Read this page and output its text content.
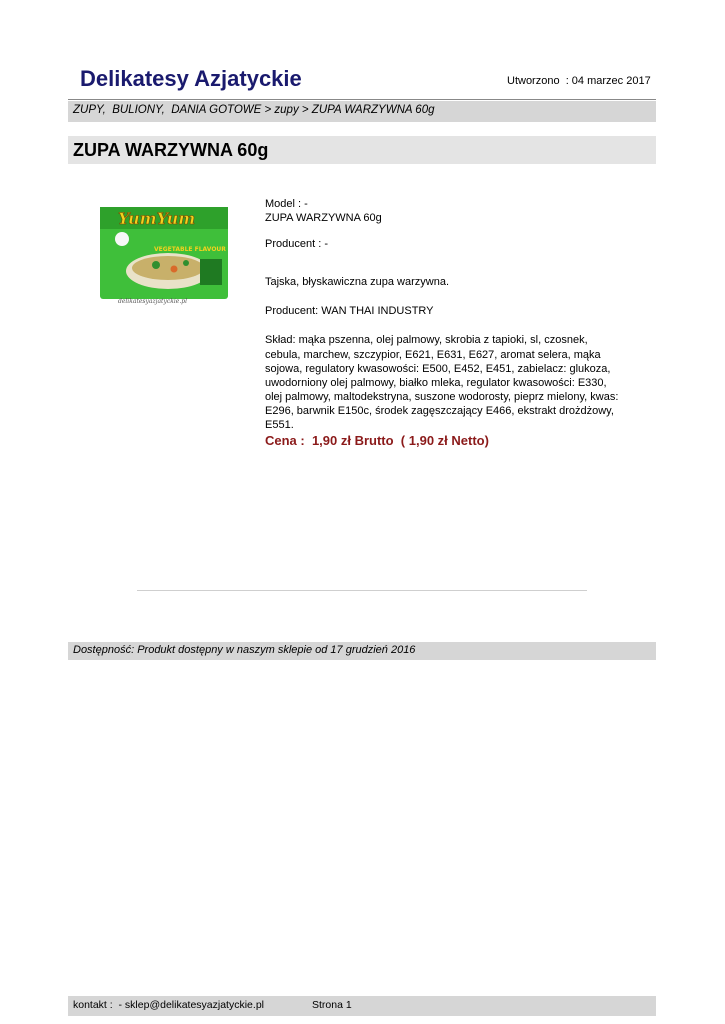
Delikatesy Azjatyckie	Utworzono  : 04 marzec 2017
ZUPY,  BULIONY,  DANIA GOTOWE > zupy > ZUPA WARZYWNA 60g
ZUPA WARZYWNA 60g
YumYum
VEGETABLE FLAVOUR
delikatesyazjatyckie.pl

Model : -

ZUPA WARZYWNA 60g

Producent : -

Tajska, błyskawiczna zupa warzywna.

Producent: WAN THAI INDUSTRY

Skład: mąka pszenna, olej palmowy, skrobia z tapioki, sl, czosnek, cebula, marchew, szczypior, E621, E631, E627, aromat selera, mąka sojowa, regulatory kwasowości: E500, E452, E451, zabielacz: glukoza, uwodorniony olej palmowy, białko mleka, regulator kwasowości: E330, olej palmowy, maltodekstryna, suszone wodorosty, pieprz mielony, kwas: E296, barwnik E150c, środek zagęszczający E466, ekstrakt drożdżowy, E551.

Cena :  1,90 zł Brutto  ( 1,90 zł Netto)

Dostępność: Produkt dostępny w naszym sklepie od 17 grudzień 2016
kontakt :  - sklep@delikatesyazjatyckie.pl	Strona 1
